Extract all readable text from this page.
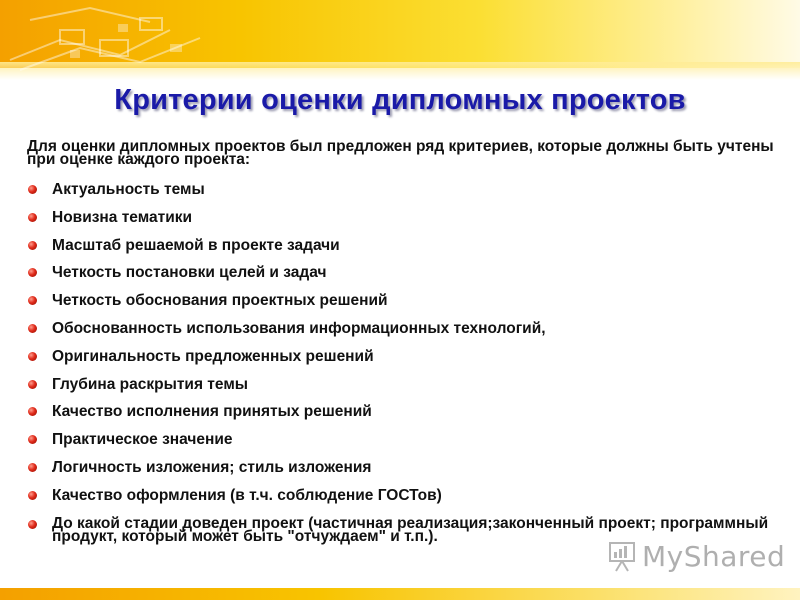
Критерии оценки дипломных проектов
Для оценки дипломных проектов был предложен ряд критериев, которые должны быть учтены при оценке каждого проекта:
Актуальность темы
Новизна тематики
Масштаб решаемой в проекте задачи
Четкость постановки целей и задач
Четкость обоснования проектных решений
Обоснованность использования информационных технологий,
Оригинальность предложенных решений
Глубина раскрытия темы
Качество исполнения принятых решений
Практическое значение
Логичность изложения; стиль изложения
Качество оформления (в т.ч. соблюдение ГОСТов)
До какой стадии доведен проект (частичная реализация;законченный проект; программный продукт, который может быть "отчуждаем" и т.п.).
MyShared
